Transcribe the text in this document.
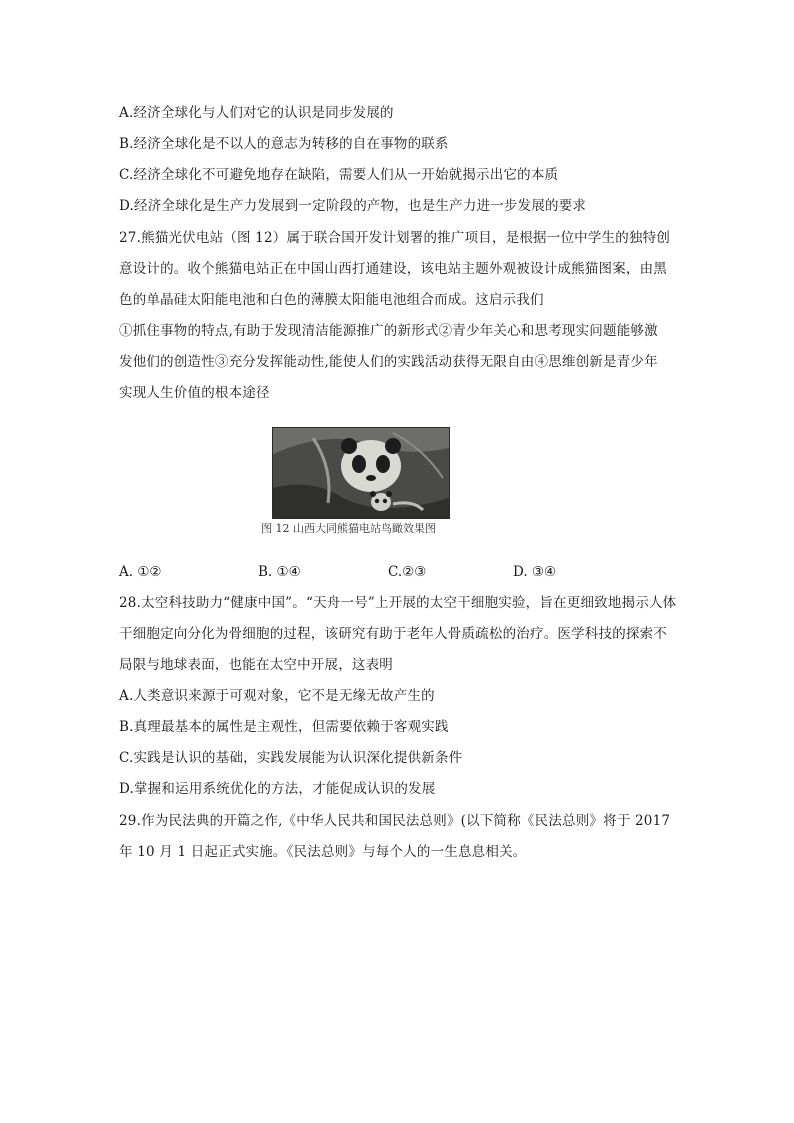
A.经济全球化与人们对它的认识是同步发展的
B.经济全球化是不以人的意志为转移的自在事物的联系
C.经济全球化不可避免地存在缺陷，需要人们从一开始就揭示出它的本质
D.经济全球化是生产力发展到一定阶段的产物，也是生产力进一步发展的要求
27.熊猫光伏电站（图 12）属于联合国开发计划署的推广项目，是根据一位中学生的独特创
意设计的。收个熊猫电站正在中国山西打通建设，该电站主题外观被设计成熊猫图案，由黑
色的单晶硅太阳能电池和白色的薄膜太阳能电池组合而成。这启示我们
①抓住事物的特点,有助于发现清洁能源推广的新形式②青少年关心和思考现实问题能够激
发他们的创造性③充分发挥能动性,能使人们的实践活动获得无限自由④思维创新是青少年
实现人生价值的根本途径
图 12 山西大同熊猫电站鸟瞰效果图
A. ①②	B. ①④	C.②③	D. ③④
28.太空科技助力“健康中国”。“天舟一号”上开展的太空干细胞实验，旨在更细致地揭示人体
干细胞定向分化为骨细胞的过程，该研究有助于老年人骨质疏松的治疗。医学科技的探索不
局限与地球表面，也能在太空中开展，这表明
A.人类意识来源于可观对象，它不是无缘无故产生的
B.真理最基本的属性是主观性，但需要依赖于客观实践
C.实践是认识的基础，实践发展能为认识深化提供新条件
D.掌握和运用系统优化的方法，才能促成认识的发展
29.作为民法典的开篇之作,《中华人民共和国民法总则》(以下简称《民法总则》将于 2017
年 10 月 1 日起正式实施。《民法总则》与每个人的一生息息相关。
